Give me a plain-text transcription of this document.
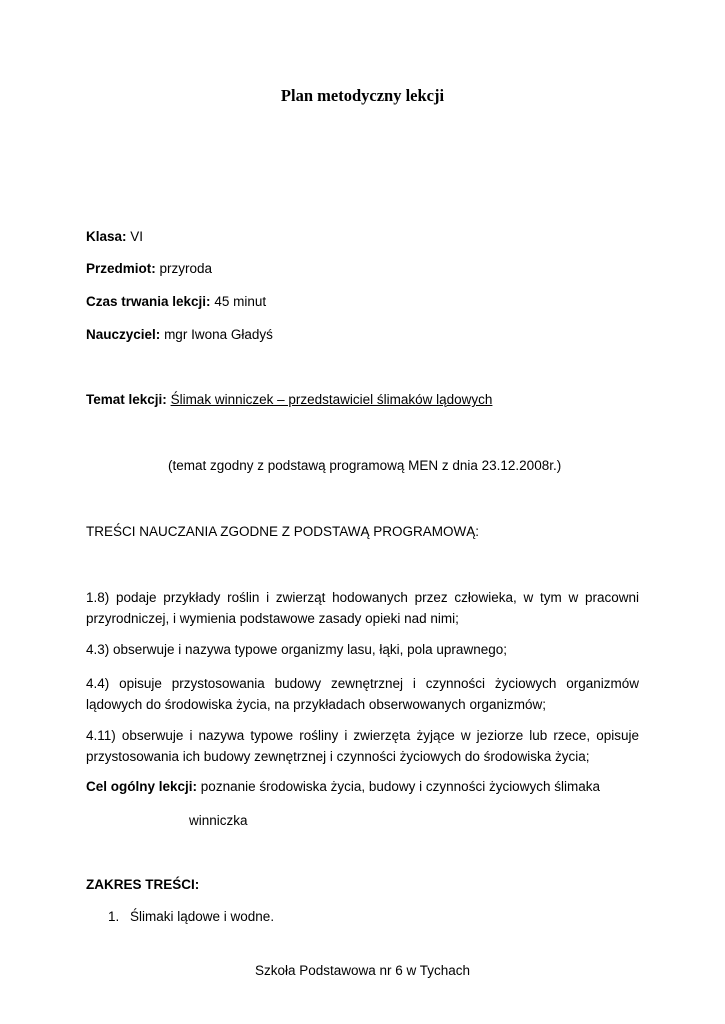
Plan metodyczny lekcji
Klasa: VI
Przedmiot: przyroda
Czas trwania lekcji: 45 minut
Nauczyciel: mgr Iwona Gładyś
Temat lekcji: Ślimak winniczek – przedstawiciel ślimaków lądowych
(temat zgodny z podstawą programową MEN z dnia 23.12.2008r.)
TREŚCI NAUCZANIA ZGODNE Z PODSTAWĄ PROGRAMOWĄ:
1.8) podaje przykłady roślin i zwierząt hodowanych przez człowieka, w tym w pracowni przyrodniczej, i wymienia podstawowe zasady opieki nad nimi;
4.3) obserwuje i nazywa typowe organizmy lasu, łąki, pola uprawnego;
4.4) opisuje przystosowania budowy zewnętrznej i czynności życiowych organizmów lądowych do środowiska życia, na przykładach obserwowanych organizmów;
4.11) obserwuje i nazywa typowe rośliny i zwierzęta żyjące w jeziorze lub rzece, opisuje przystosowania ich budowy zewnętrznej i czynności życiowych do środowiska życia;
Cel ogólny lekcji: poznanie środowiska życia, budowy i czynności życiowych ślimaka
winniczka
ZAKRES TREŚCI:
1. Ślimaki lądowe i wodne.
Szkoła Podstawowa nr 6 w Tychach
